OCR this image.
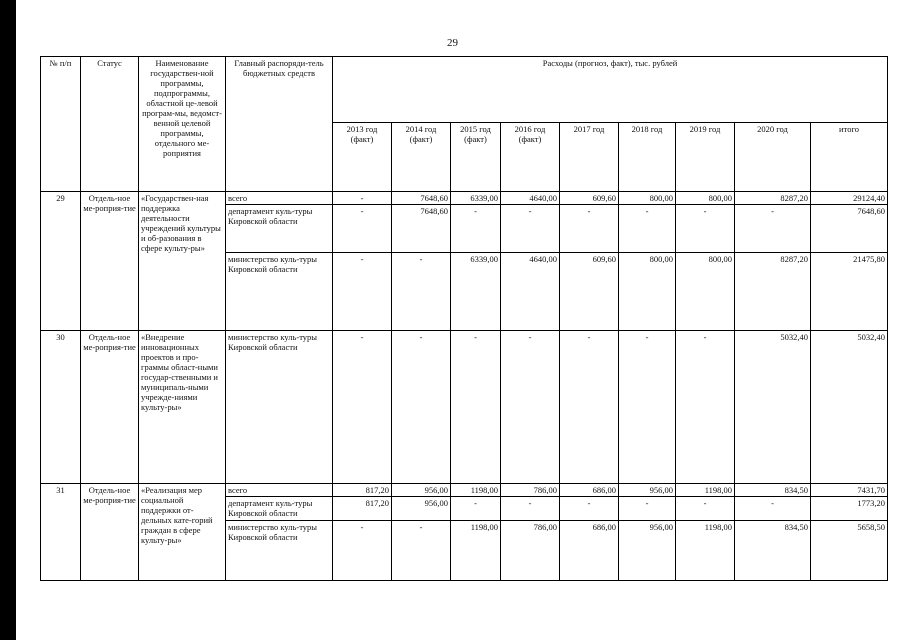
29
№ п/п	Статус	Наименование государствен-ной программы, подпрограммы, областной це-левой програм-мы, ведомст-венной целевой программы, отдельного ме-роприятия	Главный распоряди-тель бюджетных средств	Расходы (прогноз, факт), тыс. рублей								
				2013 год (факт)	2014 год (факт)	2015 год (факт)	2016 год (факт)	2017 год	2018 год	2019 год	2020 год	итого
29	Отдель-ное ме-роприя-тие	«Государствен-ная поддержка деятельности учреждений культуры и об-разования в сфере культу-ры»	всего	-	7648,60	6339,00	4640,00	609,60	800,00	800,00	8287,20	29124,40
			департамент куль-туры Кировской области	-	7648,60	-	-	-	-	-	-	7648,60
			министерство куль-туры Кировской области	-	-	6339,00	4640,00	609,60	800,00	800,00	8287,20	21475,80
30	Отдель-ное ме-роприя-тие	«Внедрение инновационных проектов и про-граммы област-ными государ-ственными и муниципаль-ными учрежде-ниями культу-ры»	министерство куль-туры Кировской области	-	-	-	-	-	-	-	5032,40	5032,40
31	Отдель-ное ме-роприя-тие	«Реализация мер социальной поддержки от-дельных кате-горий граждан в сфере культу-ры»	всего	817,20	956,00	1198,00	786,00	686,00	956,00	1198,00	834,50	7431,70
			департамент куль-туры Кировской области	817,20	956,00	-	-	-	-	-	-	1773,20
			министерство куль-туры Кировской области	-	-	1198,00	786,00	686,00	956,00	1198,00	834,50	5658,50
